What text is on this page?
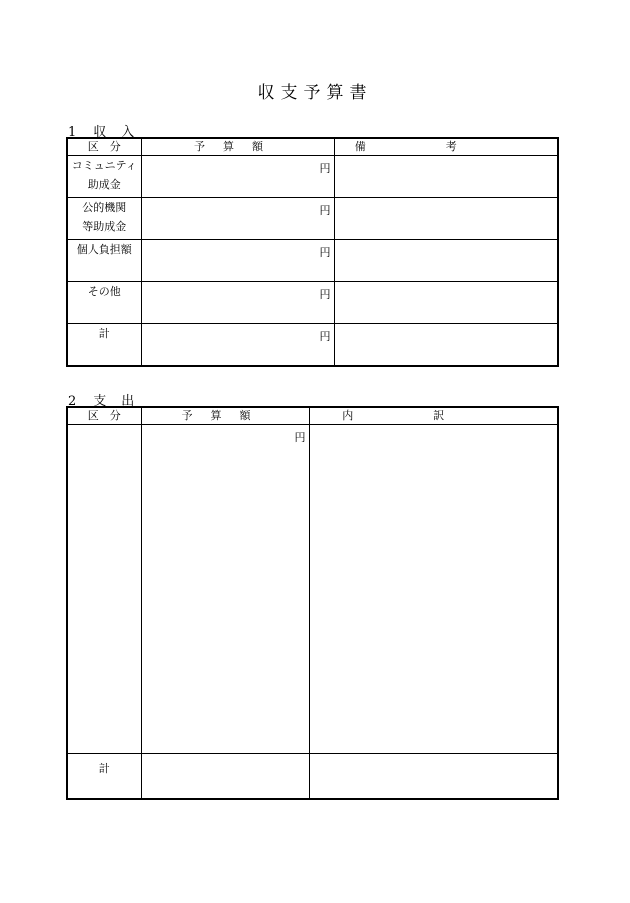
収支予算書
1 収 入
区　分	予算額	備考

コミュニティ
助成金	円	

公的機関
等助成金	円	

個人負担額	円	

その他	円	

計	円	
2 支 出
区　分	予算額	内訳
	円	
計		
